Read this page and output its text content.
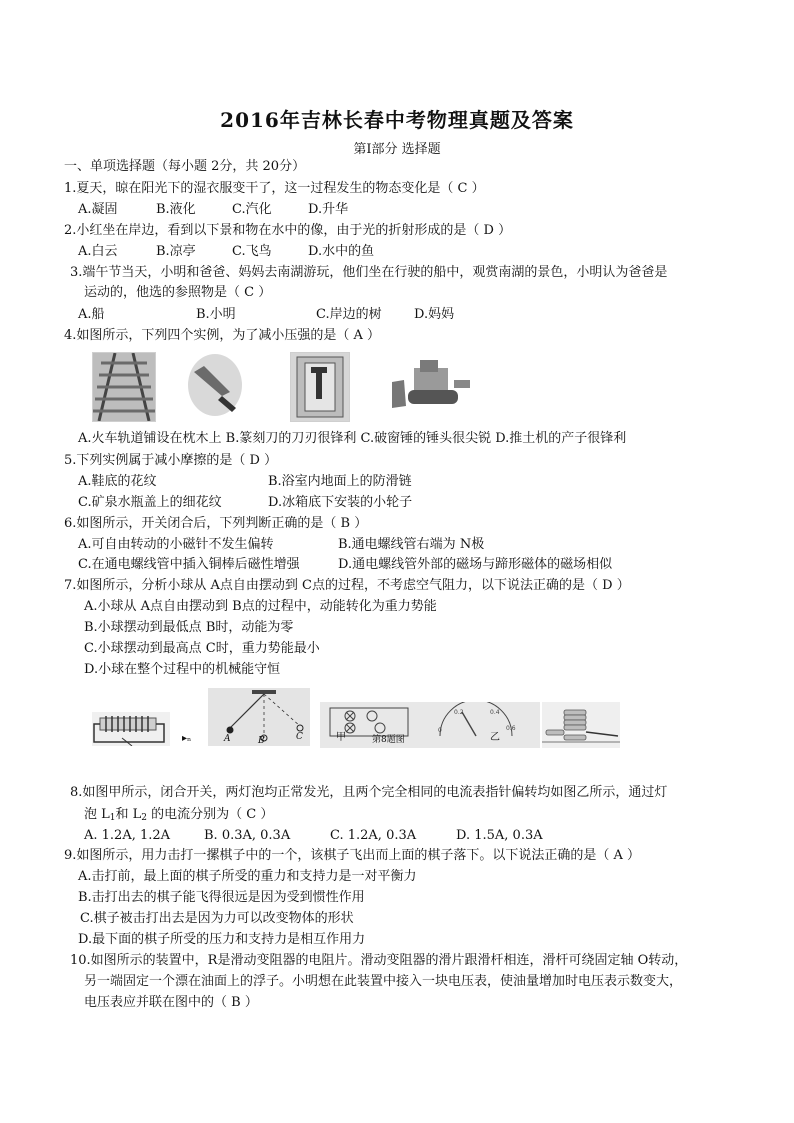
2016年吉林长春中考物理真题及答案
第Ⅰ部分 选择题
一、单项选择题（每小题 2分，共 20分）
1.夏天，晾在阳光下的湿衣服变干了，这一过程发生的物态变化是（ C ）
A.凝固	B.液化	C.汽化	D.升华
2.小红坐在岸边，看到以下景和物在水中的像，由于光的折射形成的是（ D ）
A.白云	B.凉亭	C.飞鸟	D.水中的鱼
3.端午节当天，小明和爸爸、妈妈去南湖游玩，他们坐在行驶的船中，观赏南湖的景色，小明认为爸爸是
运动的，他选的参照物是（ C ）
A.船	B.小明	C.岸边的树 D.妈妈
4.如图所示，下列四个实例，为了减小压强的是（ A ）
A.火车轨道铺设在枕木上 B.篆刻刀的刀刃很锋利 C.破窗锤的锤头很尖锐 D.推土机的产子很锋利
5.下列实例属于减小摩擦的是（ D ）
A.鞋底的花纹	B.浴室内地面上的防滑链
C.矿泉水瓶盖上的细花纹	D.冰箱底下安装的小轮子
6.如图所示，开关闭合后，下列判断正确的是（ B ）
A.可自由转动的小磁针不发生偏转	B.通电螺线管右端为 N极
C.在通电螺线管中插入铜棒后磁性增强	D.通电螺线管外部的磁场与蹄形磁体的磁场相似
7.如图所示，分析小球从 A点自由摆动到 C点的过程，不考虑空气阻力，以下说法正确的是（ D ）
A.小球从 A点自由摆动到 B点的过程中，动能转化为重力势能
B.小球摆动到最低点 B时，动能为零
C.小球摆动到最高点 C时，重力势能最小
D.小球在整个过程中的机械能守恒
▸ₙ	A	B	C
0
0.2	0.4
0.6
甲	第8题图	乙
8.如图甲所示，闭合开关，两灯泡均正常发光，且两个完全相同的电流表指针偏转均如图乙所示，通过灯
泡 $L_1$和 $L_2$ 的电流分别为（ C ）
A. 1.2A, 1.2A	B. 0.3A, 0.3A	C. 1.2A, 0.3A	D. 1.5A, 0.3A
9.如图所示，用力击打一摞棋子中的一个，该棋子飞出而上面的棋子落下。以下说法正确的是（ A ）
A.击打前，最上面的棋子所受的重力和支持力是一对平衡力
B.击打出去的棋子能飞得很远是因为受到惯性作用
C.棋子被击打出去是因为力可以改变物体的形状
D.最下面的棋子所受的压力和支持力是相互作用力
10.如图所示的装置中，R是滑动变阻器的电阻片。滑动变阻器的滑片跟滑杆相连，滑杆可绕固定轴 O转动，
另一端固定一个漂在油面上的浮子。小明想在此装置中接入一块电压表，使油量增加时电压表示数变大，
电压表应并联在图中的（ B ）
